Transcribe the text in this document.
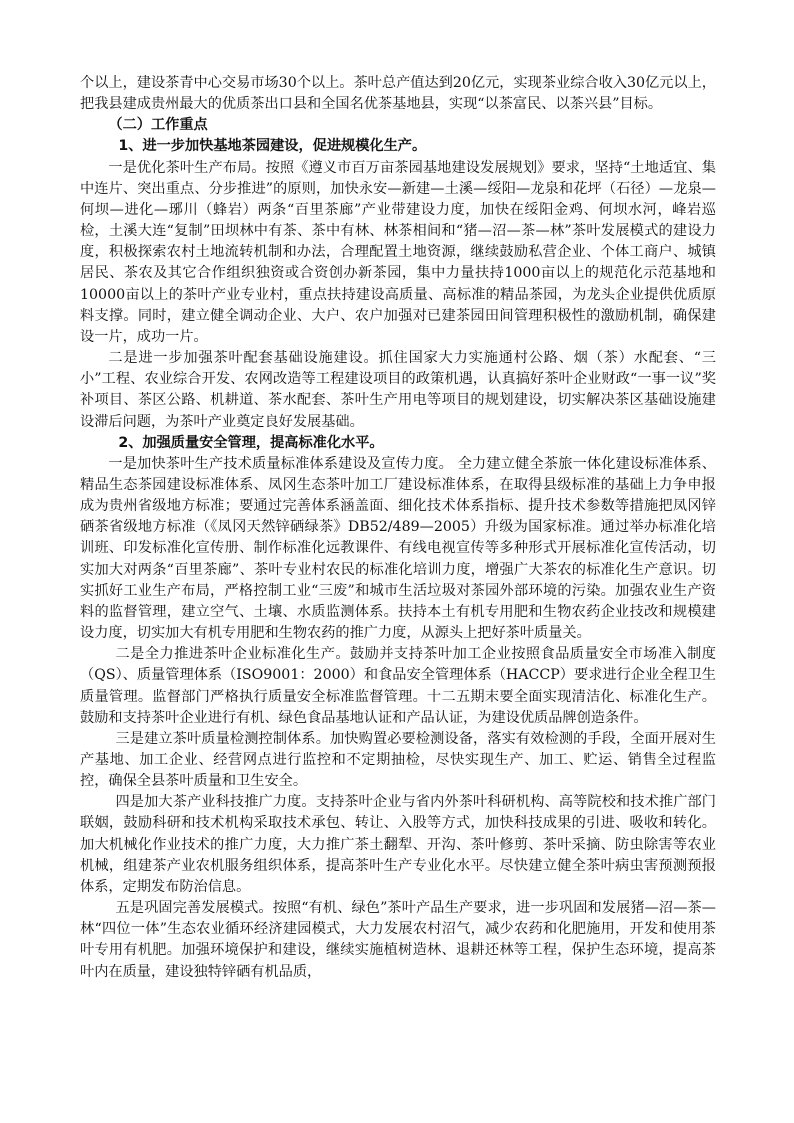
个以上，建设茶青中心交易市场30个以上。茶叶总产值达到20亿元，实现茶业综合收入30亿元以上，把我县建成贵州最大的优质茶出口县和全国名优茶基地县，实现“以茶富民、以茶兴县”目标。

（二）工作重点

1、进一步加快基地茶园建设，促进规模化生产。

一是优化茶叶生产布局。按照《遵义市百万亩茶园基地建设发展规划》要求，坚持“土地适宜、集中连片、突出重点、分步推进”的原则，加快永安—新建—土溪—绥阳—龙泉和花坪（石径）—龙泉—何坝—进化—琊川（蜂岩）两条“百里茶廊”产业带建设力度，加快在绥阳金鸡、何坝水河，峰岩巡检，土溪大连“复制”田坝林中有茶、茶中有林、林茶相间和“猪—沼—茶—林”茶叶发展模式的建设力度，积极探索农村土地流转机制和办法，合理配置土地资源，继续鼓励私营企业、个体工商户、城镇居民、茶农及其它合作组织独资或合资创办新茶园，集中力量扶持1000亩以上的规范化示范基地和10000亩以上的茶叶产业专业村，重点扶持建设高质量、高标准的精品茶园，为龙头企业提供优质原料支撑。同时，建立健全调动企业、大户、农户加强对已建茶园田间管理积极性的激励机制，确保建设一片，成功一片。

二是进一步加强茶叶配套基础设施建设。抓住国家大力实施通村公路、烟（茶）水配套、“三小”工程、农业综合开发、农网改造等工程建设项目的政策机遇，认真搞好茶叶企业财政“一事一议”奖补项目、茶区公路、机耕道、茶水配套、茶叶生产用电等项目的规划建设，切实解决茶区基础设施建设滞后问题，为茶叶产业奠定良好发展基础。

2、加强质量安全管理，提高标准化水平。

一是加快茶叶生产技术质量标准体系建设及宣传力度。 全力建立健全茶旅一体化建设标准体系、精品生态茶园建设标准体系、凤冈生态茶叶加工厂建设标准体系，在取得县级标准的基础上力争申报成为贵州省级地方标准；要通过完善体系涵盖面、细化技术体系指标、提升技术参数等措施把凤冈锌硒茶省级地方标准（《凤冈天然锌硒绿茶》DB52/489—2005）升级为国家标准。通过举办标准化培训班、印发标准化宣传册、制作标准化远教课件、有线电视宣传等多种形式开展标准化宣传活动，切实加大对两条“百里茶廊”、茶叶专业村农民的标准化培训力度，增强广大茶农的标准化生产意识。切实抓好工业生产布局，严格控制工业“三废”和城市生活垃圾对茶园外部环境的污染。加强农业生产资料的监督管理，建立空气、土壤、水质监测体系。扶持本土有机专用肥和生物农药企业技改和规模建设力度，切实加大有机专用肥和生物农药的推广力度，从源头上把好茶叶质量关。

二是全力推进茶叶企业标准化生产。鼓励并支持茶叶加工企业按照食品质量安全市场准入制度（QS）、质量管理体系（ISO9001：2000）和食品安全管理体系（HACCP）要求进行企业全程卫生质量管理。监督部门严格执行质量安全标准监督管理。十二五期末要全面实现清洁化、标准化生产。鼓励和支持茶叶企业进行有机、绿色食品基地认证和产品认证，为建设优质品牌创造条件。

三是建立茶叶质量检测控制体系。加快购置必要检测设备，落实有效检测的手段，全面开展对生产基地、加工企业、经营网点进行监控和不定期抽检，尽快实现生产、加工、贮运、销售全过程监控，确保全县茶叶质量和卫生安全。

四是加大茶产业科技推广力度。支持茶叶企业与省内外茶叶科研机构、高等院校和技术推广部门联姻，鼓励科研和技术机构采取技术承包、转让、入股等方式，加快科技成果的引进、吸收和转化。加大机械化作业技术的推广力度，大力推广茶土翻犁、开沟、茶叶修剪、茶叶采摘、防虫除害等农业机械，组建茶产业农机服务组织体系，提高茶叶生产专业化水平。尽快建立健全茶叶病虫害预测预报体系，定期发布防治信息。

五是巩固完善发展模式。按照“有机、绿色”茶叶产品生产要求，进一步巩固和发展猪—沼—茶—林“四位一体”生态农业循环经济建园模式，大力发展农村沼气，减少农药和化肥施用，开发和使用茶叶专用有机肥。加强环境保护和建设，继续实施植树造林、退耕还林等工程，保护生态环境，提高茶叶内在质量，建设独特锌硒有机品质，
